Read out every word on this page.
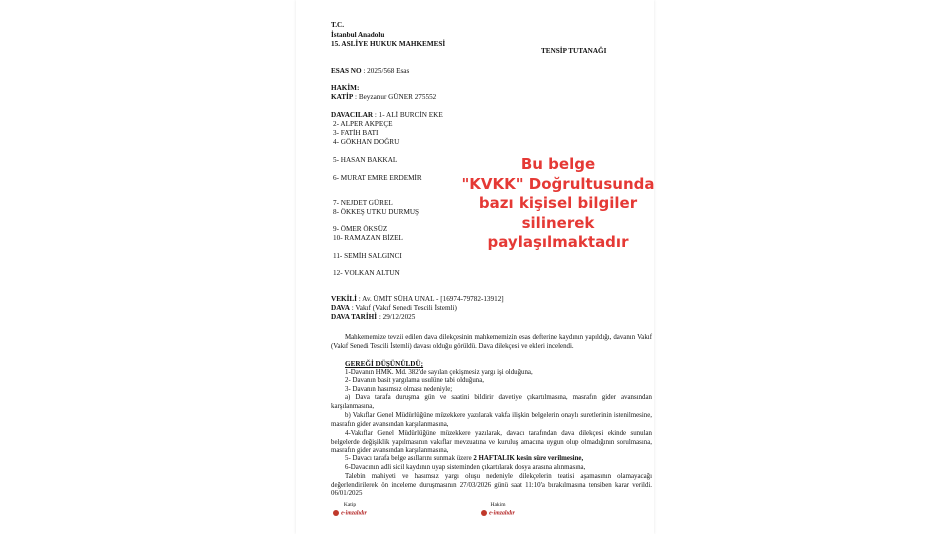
T.C.
İstanbul Anadolu
15. ASLİYE HUKUK MAHKEMESİ
TENSİP TUTANAĞI
ESAS NO : 2025/568 Esas
HAKİM:
KATİP : Beyzanur GÜNER 275552
DAVACILAR : 1- ALİ BURCİN EKE
2- ALPER AKPEÇE
3- FATİH BATI
4- GÖKHAN DOĞRU
5- HASAN BAKKAL
6- MURAT EMRE ERDEMİR
7- NEJDET GÜREL
8- ÖKKEŞ UTKU DURMUŞ
9- ÖMER ÖKSÜZ
10- RAMAZAN BİZEL
11- SEMİH SALGINCI
12- VOLKAN ALTUN
VEKİLİ : Av. ÜMİT SÜHA UNAL - [16974-79782-13912]
DAVA : Vakıf (Vakıf Senedi Tescili İstemli)
DAVA TARİHİ : 29/12/2025
Mahkememize tevzii edilen dava dilekçesinin mahkememizin esas defterine kaydının yapıldığı, davanın Vakıf (Vakıf Senedi Tescili İstemli) davası olduğu görüldü. Dava dilekçesi ve ekleri incelendi.
GEREĞİ DÜŞÜNÜLDÜ;
1-Davanın HMK. Md. 382'de sayılan çekişmesiz yargı işi olduğuna,
2- Davanın basit yargılama usulüne tabi olduğuna,
3- Davanın hasımsız olması nedeniyle;
a) Dava tarafa duruşma gün ve saatini bildirir davetiye çıkartılmasına, masrafın gider avansından karşılanmasına,
b) Vakıflar Genel Müdürlüğüne müzekkere yazılarak vakfa ilişkin belgelerin onaylı suretlerinin istenilmesine, masrafın gider avansından karşılanmasına,
4-Vakıflar Genel Müdürlüğüne müzekkere yazılarak, davacı tarafından dava dilekçesi ekinde sunulan belgelerde değişiklik yapılmasının vakıflar mevzuatına ve kuruluş amacına uygun olup olmadığının sorulmasına, masrafın gider avansından karşılanmasına,
5- Davacı tarafa belge asıllarını sunmak üzere 2 HAFTALIK kesin süre verilmesine,
6-Davacının adli sicil kaydının uyap sisteminden çıkartılarak dosya arasına alınmasına,
Talebin mahiyeti ve hasımsız yargı oluşu nedeniyle dilekçelerin teatisi aşamasının olamayacağı değerlendirilerek ön inceleme duruşmasının 27/03/2026 günü saat 11:10'a bırakılmasına tensiben karar verildi. 06/01/2025
Katip
e-imzalıdır
Hakim
e-imzalıdır
Bu belge
"KVKK" Doğrultusunda
bazı kişisel bilgiler
silinerek
paylaşılmaktadır
